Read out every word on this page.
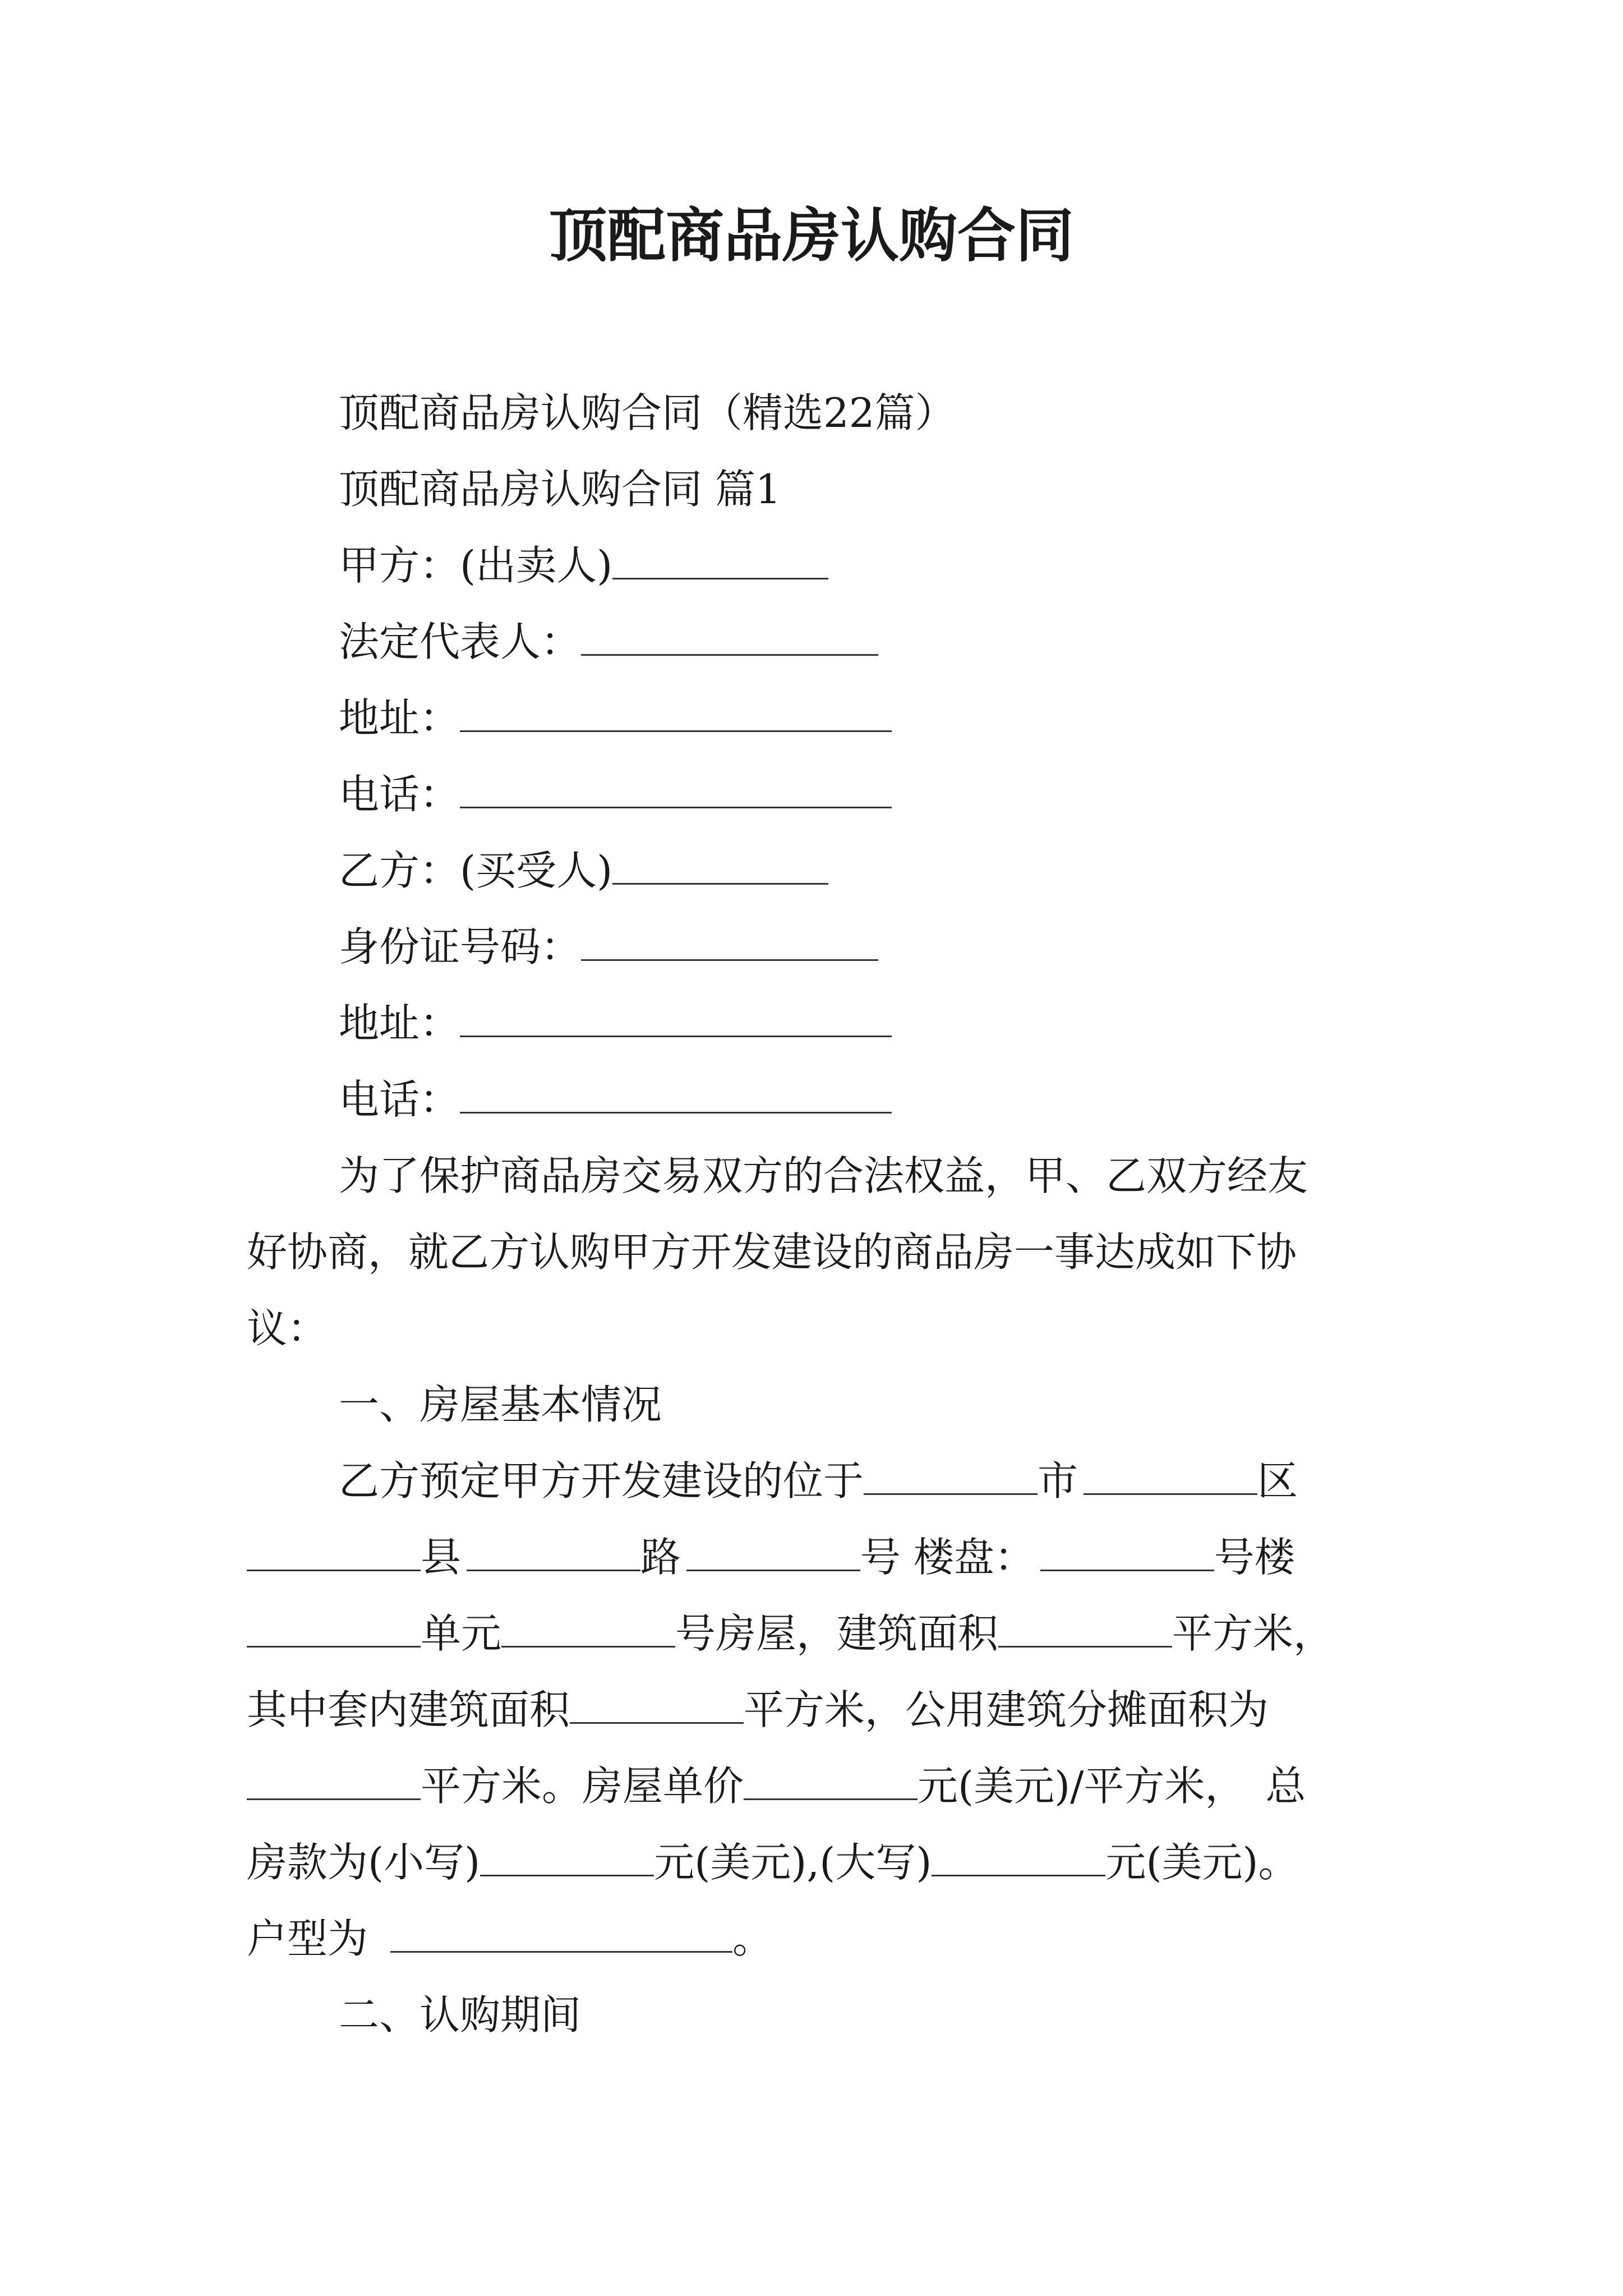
顶配商品房认购合同
顶配商品房认购合同（精选22篇）
顶配商品房认购合同 篇1
甲方：(出卖人)
法定代表人：
地址：
电话：
乙方：(买受人)
身份证号码：
地址：
电话：
为了保护商品房交易双方的合法权益，甲、乙双方经友
好协商，就乙方认购甲方开发建设的商品房一事达成如下协
议：
一、房屋基本情况
乙方预定甲方开发建设的位于	市	区
县	路	号 楼盘：	号楼
单元	号房屋，建筑面积	平方米，
其中套内建筑面积	平方米，公用建筑分摊面积为
平方米。房屋单价	元(美元)/平方米， 总
房款为(小写)	元(美元),(大写)	元(美元)。
户型为	。
二、认购期间
